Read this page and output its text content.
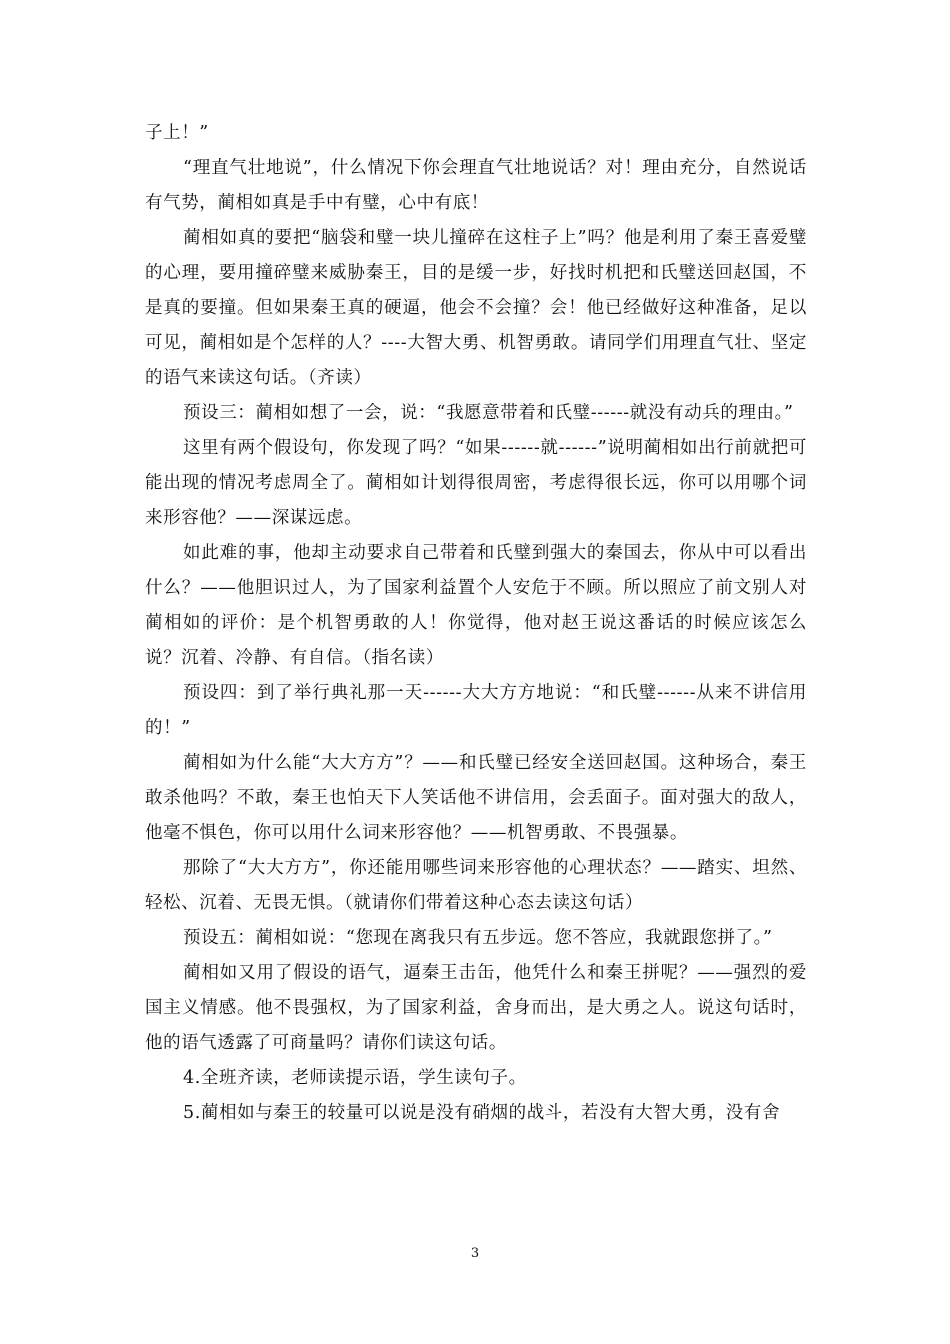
子上！”

“理直气壮地说”，什么情况下你会理直气壮地说话？对！理由充分，自然说话有气势，蔺相如真是手中有璧，心中有底！

蔺相如真的要把“脑袋和璧一块儿撞碎在这柱子上”吗？他是利用了秦王喜爱璧的心理，要用撞碎璧来威胁秦王，目的是缓一步，好找时机把和氏璧送回赵国，不是真的要撞。但如果秦王真的硬逼，他会不会撞？会！他已经做好这种准备，足以可见，蔺相如是个怎样的人？----大智大勇、机智勇敢。请同学们用理直气壮、坚定的语气来读这句话。（齐读）

预设三：蔺相如想了一会，说：“我愿意带着和氏璧------就没有动兵的理由。”

这里有两个假设句，你发现了吗？“如果------就------”说明蔺相如出行前就把可能出现的情况考虑周全了。蔺相如计划得很周密，考虑得很长远，你可以用哪个词来形容他？——深谋远虑。

如此难的事，他却主动要求自己带着和氏璧到强大的秦国去，你从中可以看出什么？——他胆识过人，为了国家利益置个人安危于不顾。所以照应了前文别人对蔺相如的评价：是个机智勇敢的人！你觉得，他对赵王说这番话的时候应该怎么说？沉着、冷静、有自信。（指名读）

预设四：到了举行典礼那一天------大大方方地说：“和氏璧------从来不讲信用的！”

蔺相如为什么能“大大方方”？——和氏璧已经安全送回赵国。这种场合，秦王敢杀他吗？不敢，秦王也怕天下人笑话他不讲信用，会丢面子。面对强大的敌人，他毫不惧色，你可以用什么词来形容他？——机智勇敢、不畏强暴。

那除了“大大方方”，你还能用哪些词来形容他的心理状态？——踏实、坦然、轻松、沉着、无畏无惧。（就请你们带着这种心态去读这句话）

预设五：蔺相如说：“您现在离我只有五步远。您不答应，我就跟您拼了。”

蔺相如又用了假设的语气，逼秦王击缶，他凭什么和秦王拼呢？——强烈的爱国主义情感。他不畏强权，为了国家利益，舍身而出，是大勇之人。说这句话时，他的语气透露了可商量吗？请你们读这句话。

4.全班齐读，老师读提示语，学生读句子。

5.蔺相如与秦王的较量可以说是没有硝烟的战斗，若没有大智大勇，没有舍

3
